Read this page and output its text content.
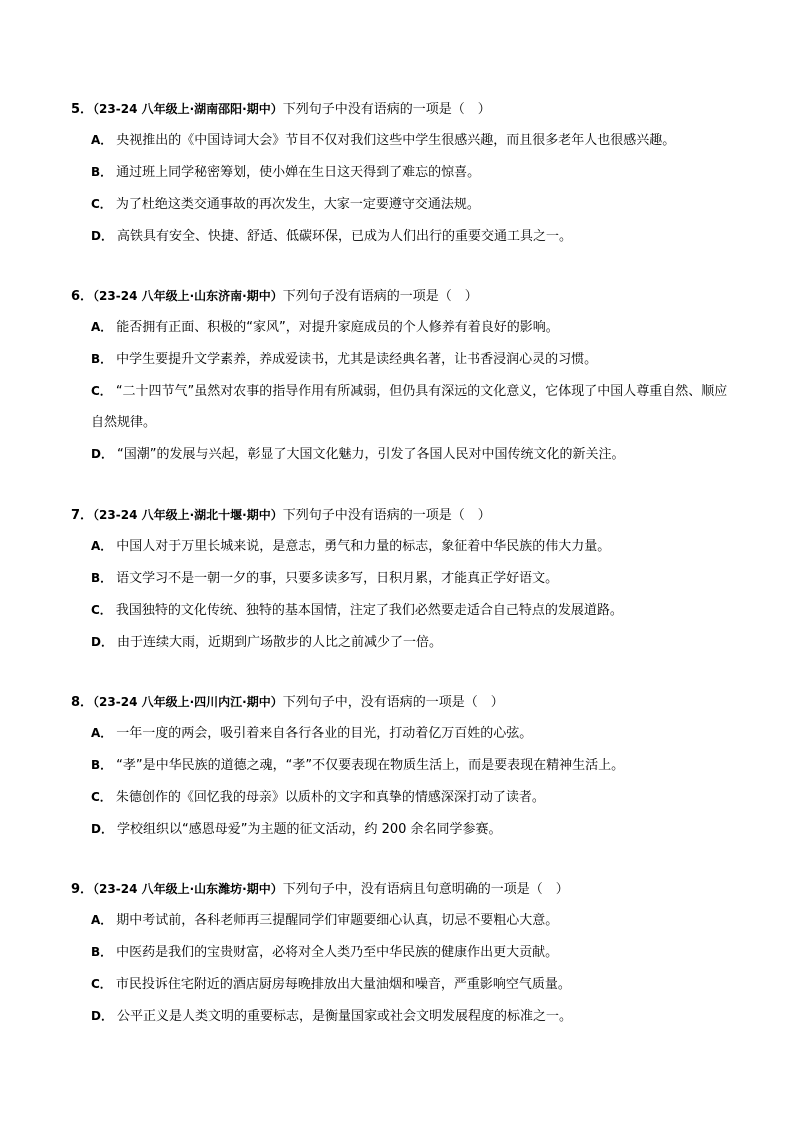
5．（23-24 八年级上·湖南邵阳·期中）下列句子中没有语病的一项是（　）
A． 央视推出的《中国诗词大会》节目不仅对我们这些中学生很感兴趣，而且很多老年人也很感兴趣。
B． 通过班上同学秘密筹划，使小婵在生日这天得到了难忘的惊喜。
C． 为了杜绝这类交通事故的再次发生，大家一定要遵守交通法规。
D． 高铁具有安全、快捷、舒适、低碳环保，已成为人们出行的重要交通工具之一。
6．（23-24 八年级上·山东济南·期中）下列句子没有语病的一项是（　）
A． 能否拥有正面、积极的“家风”，对提升家庭成员的个人修养有着良好的影响。
B． 中学生要提升文学素养，养成爱读书，尤其是读经典名著，让书香浸润心灵的习惯。
C． “二十四节气”虽然对农事的指导作用有所减弱，但仍具有深远的文化意义，它体现了中国人尊重自然、顺应自然规律。
D． “国潮”的发展与兴起，彰显了大国文化魅力，引发了各国人民对中国传统文化的新关注。
7．（23-24 八年级上·湖北十堰·期中）下列句子中没有语病的一项是（　）
A． 中国人对于万里长城来说，是意志，勇气和力量的标志，象征着中华民族的伟大力量。
B． 语文学习不是一朝一夕的事，只要多读多写，日积月累，才能真正学好语文。
C． 我国独特的文化传统、独特的基本国情，注定了我们必然要走适合自己特点的发展道路。
D． 由于连续大雨，近期到广场散步的人比之前减少了一倍。
8．（23-24 八年级上·四川内江·期中）下列句子中，没有语病的一项是（　）
A． 一年一度的两会，吸引着来自各行各业的目光，打动着亿万百姓的心弦。
B． “孝”是中华民族的道德之魂，“孝”不仅要表现在物质生活上，而是要表现在精神生活上。
C． 朱德创作的《回忆我的母亲》以质朴的文字和真挚的情感深深打动了读者。
D． 学校组织以“感恩母爱”为主题的征文活动，约 200 余名同学参赛。
9．（23-24 八年级上·山东潍坊·期中）下列句子中，没有语病且句意明确的一项是（　）
A． 期中考试前，各科老师再三提醒同学们审题要细心认真，切忌不要粗心大意。
B． 中医药是我们的宝贵财富，必将对全人类乃至中华民族的健康作出更大贡献。
C． 市民投诉住宅附近的酒店厨房每晚排放出大量油烟和噪音，严重影响空气质量。
D． 公平正义是人类文明的重要标志，是衡量国家或社会文明发展程度的标准之一。
